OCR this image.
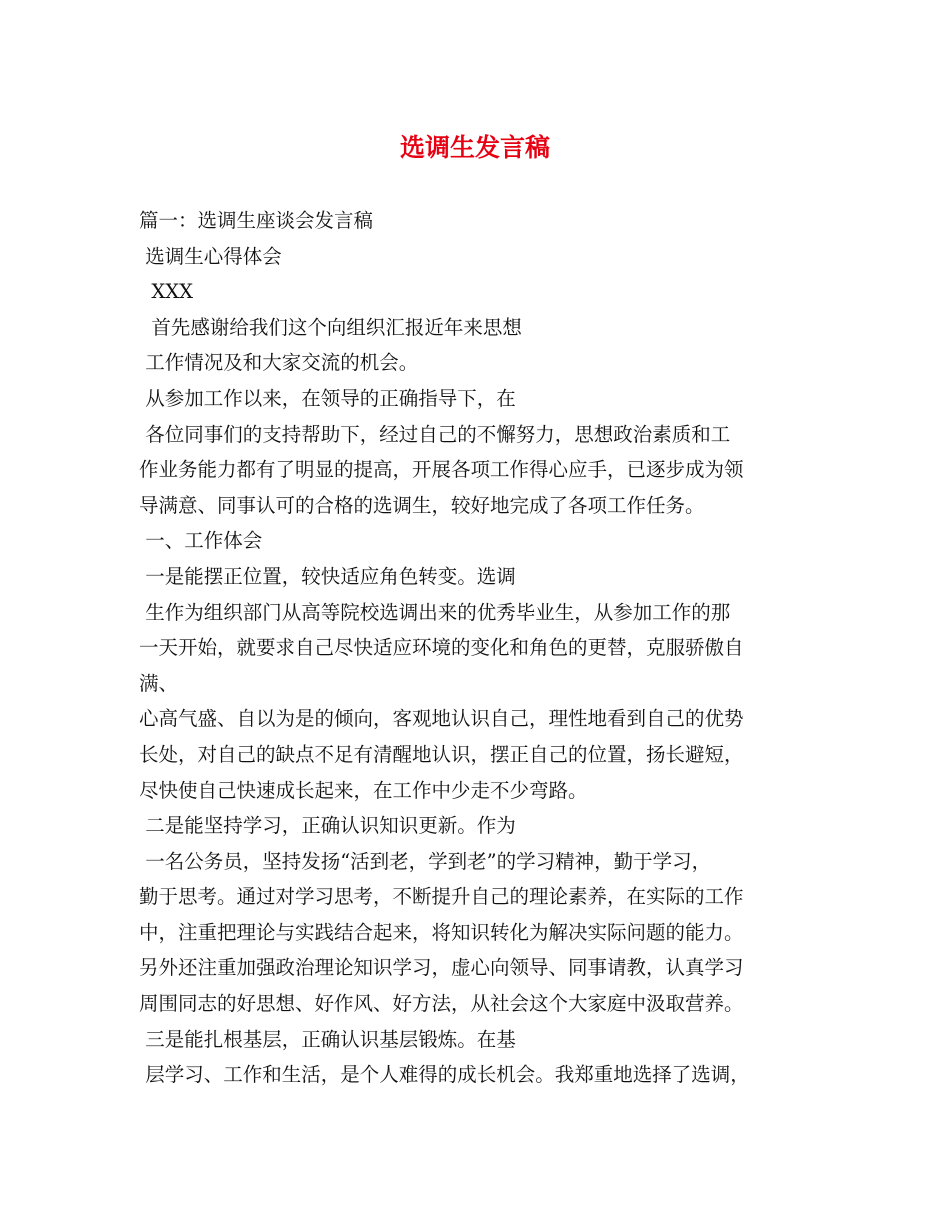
选调生发言稿
篇一：选调生座谈会发言稿
选调生心得体会
XXX
首先感谢给我们这个向组织汇报近年来思想
工作情况及和大家交流的机会。
从参加工作以来，在领导的正确指导下，在
各位同事们的支持帮助下，经过自己的不懈努力，思想政治素质和工
作业务能力都有了明显的提高，开展各项工作得心应手，已逐步成为领
导满意、同事认可的合格的选调生，较好地完成了各项工作任务。
一、工作体会
一是能摆正位置，较快适应角色转变。选调
生作为组织部门从高等院校选调出来的优秀毕业生，从参加工作的那
一天开始，就要求自己尽快适应环境的变化和角色的更替，克服骄傲自
满、
心高气盛、自以为是的倾向，客观地认识自己，理性地看到自己的优势
长处，对自己的缺点不足有清醒地认识，摆正自己的位置，扬长避短，
尽快使自己快速成长起来，在工作中少走不少弯路。
二是能坚持学习，正确认识知识更新。作为
一名公务员，坚持发扬“活到老，学到老”的学习精神，勤于学习，
勤于思考。通过对学习思考，不断提升自己的理论素养，在实际的工作
中，注重把理论与实践结合起来，将知识转化为解决实际问题的能力。
另外还注重加强政治理论知识学习，虚心向领导、同事请教，认真学习
周围同志的好思想、好作风、好方法，从社会这个大家庭中汲取营养。
三是能扎根基层，正确认识基层锻炼。在基
层学习、工作和生活，是个人难得的成长机会。我郑重地选择了选调，
